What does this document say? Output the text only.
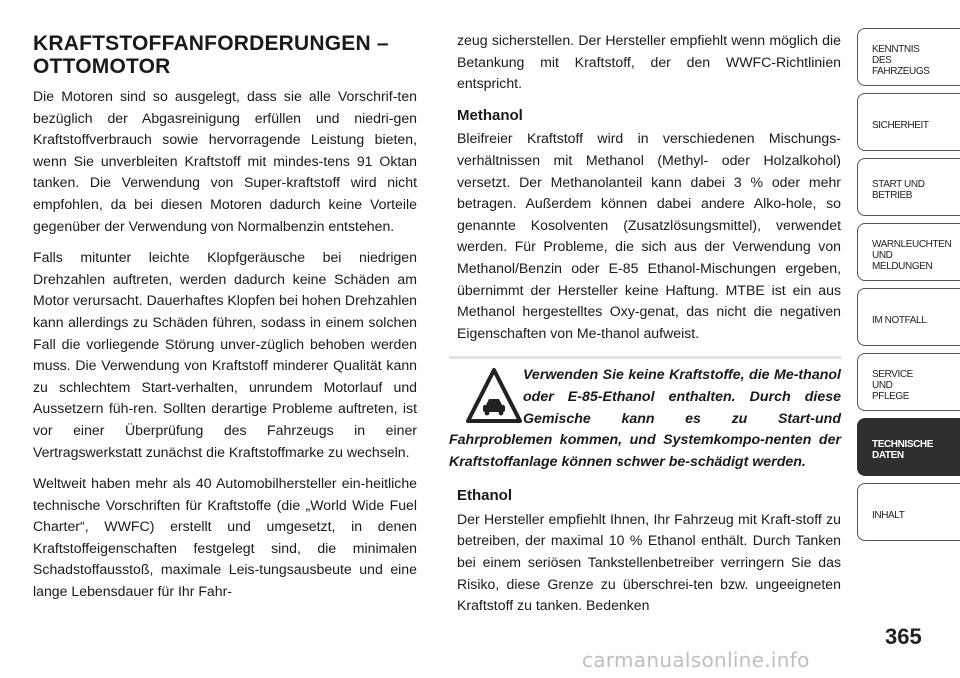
KRAFTSTOFFANFORDERUNGEN –
OTTOMOTOR

Die Motoren sind so ausgelegt, dass sie alle Vorschrif-ten bezüglich der Abgasreinigung erfüllen und niedri-gen Kraftstoffverbrauch sowie hervorragende Leistung bieten, wenn Sie unverbleiten Kraftstoff mit mindes-tens 91 Oktan tanken. Die Verwendung von Super-kraftstoff wird nicht empfohlen, da bei diesen Motoren dadurch keine Vorteile gegenüber der Verwendung von Normalbenzin entstehen.

Falls mitunter leichte Klopfgeräusche bei niedrigen Drehzahlen auftreten, werden dadurch keine Schäden am Motor verursacht. Dauerhaftes Klopfen bei hohen Drehzahlen kann allerdings zu Schäden führen, sodass in einem solchen Fall die vorliegende Störung unver-züglich behoben werden muss. Die Verwendung von Kraftstoff minderer Qualität kann zu schlechtem Start-verhalten, unrundem Motorlauf und Aussetzern füh-ren. Sollten derartige Probleme auftreten, ist vor einer Überprüfung des Fahrzeugs in einer Vertragswerkstatt zunächst die Kraftstoffmarke zu wechseln.

Weltweit haben mehr als 40 Automobilhersteller ein-heitliche technische Vorschriften für Kraftstoffe (die „World Wide Fuel Charter“, WWFC) erstellt und umgesetzt, in denen Kraftstoffeigenschaften festgelegt sind, die minimalen Schadstoffausstoß, maximale Leis-tungsausbeute und eine lange Lebensdauer für Ihr Fahr-

zeug sicherstellen. Der Hersteller empfiehlt wenn möglich die Betankung mit Kraftstoff, der den WWFC-Richtlinien entspricht.

Methanol

Bleifreier Kraftstoff wird in verschiedenen Mischungs-verhältnissen mit Methanol (Methyl- oder Holzalkohol) versetzt. Der Methanolanteil kann dabei 3 % oder mehr betragen. Außerdem können dabei andere Alko-hole, so genannte Kosolventen (Zusatzlösungsmittel), verwendet werden. Für Probleme, die sich aus der Verwendung von Methanol/Benzin oder E-85 Ethanol-Mischungen ergeben, übernimmt der Hersteller keine Haftung. MTBE ist ein aus Methanol hergestelltes Oxy-genat, das nicht die negativen Eigenschaften von Me-thanol aufweist.

Verwenden Sie keine Kraftstoffe, die Me-thanol oder E-85-Ethanol enthalten. Durch diese Gemische kann es zu Start-und Fahrproblemen kommen, und Systemkompo-nenten der Kraftstoffanlage können schwer be-schädigt werden.

Ethanol

Der Hersteller empfiehlt Ihnen, Ihr Fahrzeug mit Kraft-stoff zu betreiben, der maximal 10 % Ethanol enthält. Durch Tanken bei einem seriösen Tankstellenbetreiber verringern Sie das Risiko, diese Grenze zu überschrei-ten bzw. ungeeigneten Kraftstoff zu tanken. Bedenken

KENNTNIS
DES
FAHRZEUGS
SICHERHEIT
START UND
BETRIEB
WARNLEUCHTEN
UND
MELDUNGEN
IM NOTFALL
SERVICE
UND
PFLEGE
TECHNISCHE
DATEN
INHALT
365
carmanualsonline.info
